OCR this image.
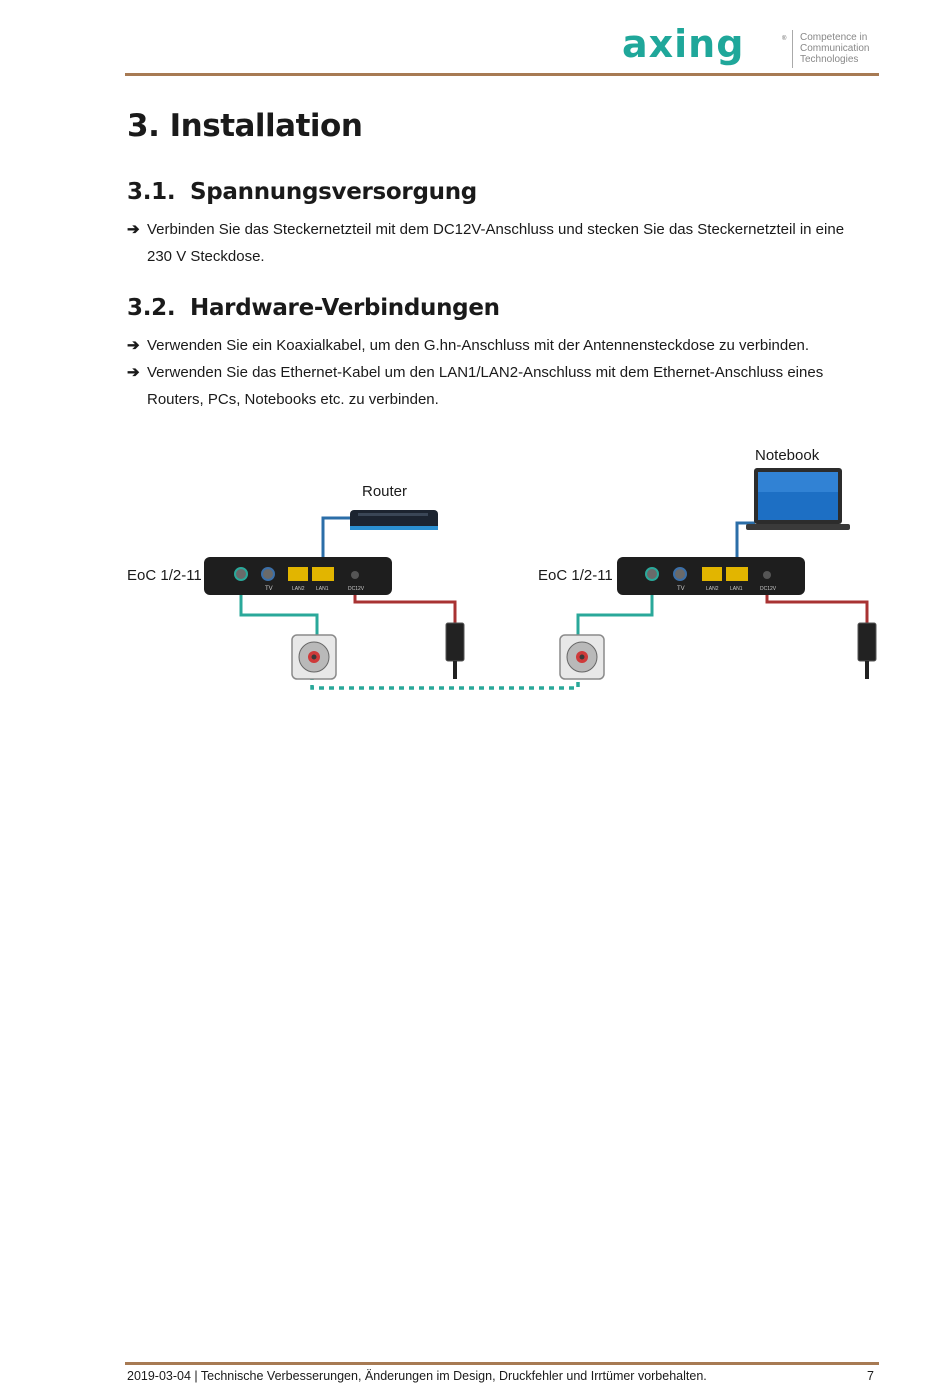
axing	® Competence in
Communication
Technologies
3. Installation
3.1. Spannungsversorgung
➔ Verbinden Sie das Steckernetzteil mit dem DC12V-Anschluss und stecken Sie das Steckernetzteil in eine 230 V Steckdose.
3.2. Hardware-Verbindungen
➔ Verwenden Sie ein Koaxialkabel, um den G.hn-Anschluss mit der Antennensteckdose zu verbinden.
➔ Verwenden Sie das Ethernet-Kabel um den LAN1/LAN2-Anschluss mit dem Ethernet-Anschluss eines Routers, PCs, Notebooks etc. zu verbinden.
TV	LAN2 LAN1	DC12V	TV	LAN2 LAN1	DC12V
Router
Notebook
EoC 1/2-11	EoC 1/2-11
2019-03-04 | Technische Verbesserungen, Änderungen im Design, Druckfehler und Irrtümer vorbehalten.	7
